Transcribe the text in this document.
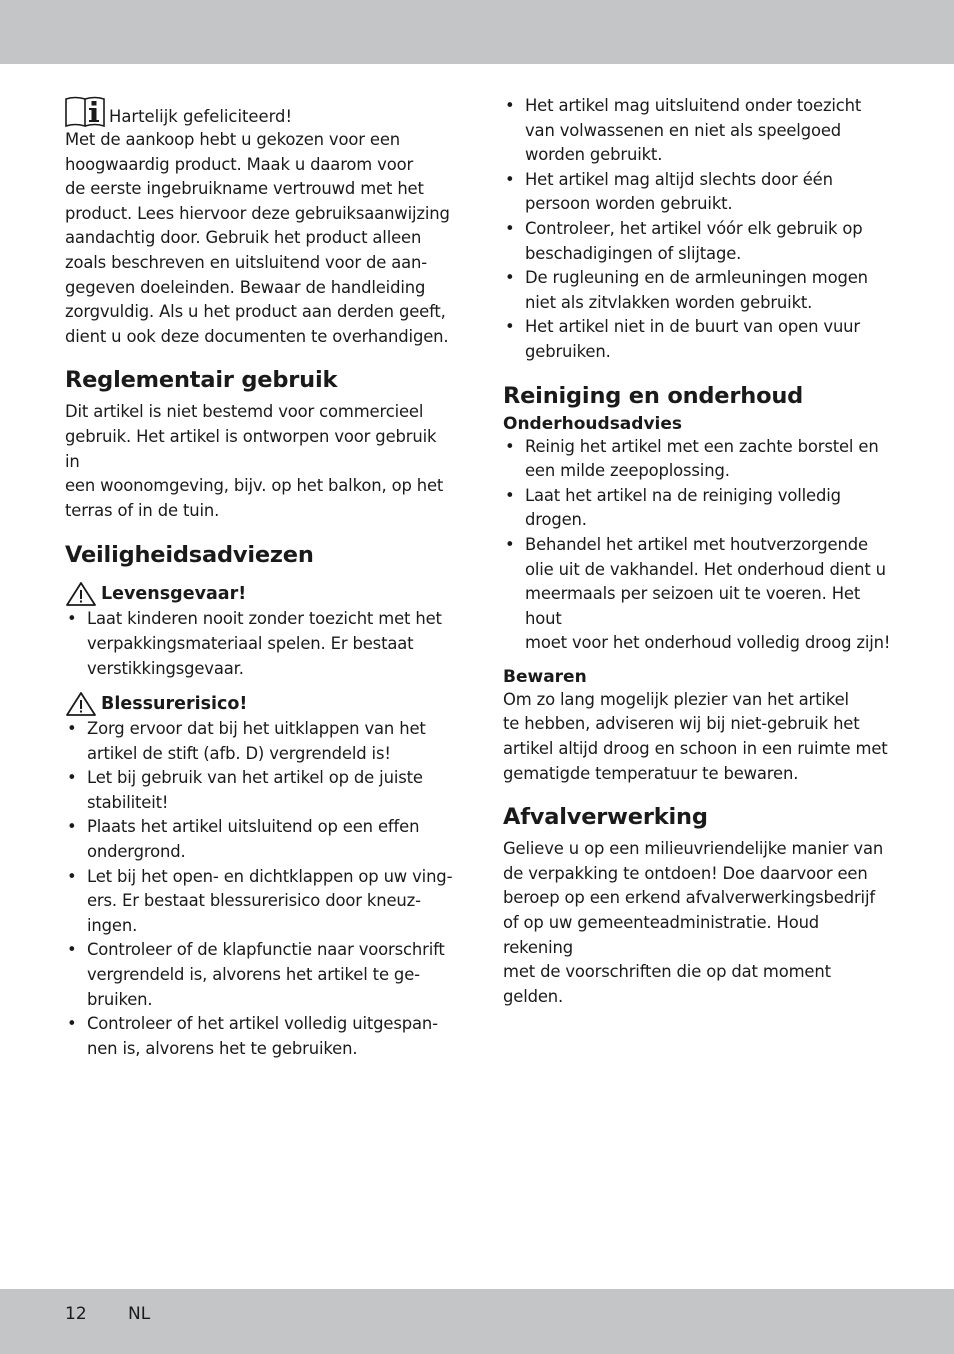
Hartelijk gefeliciteerd!

Met de aankoop hebt u gekozen voor een
hoogwaardig product. Maak u daarom voor
de eerste ingebruikname vertrouwd met het
product. Lees hiervoor deze gebruiksaanwijzing
aandachtig door. Gebruik het product alleen
zoals beschreven en uitsluitend voor de aan-
gegeven doeleinden. Bewaar de handleiding
zorgvuldig. Als u het product aan derden geeft,
dient u ook deze documenten te overhandigen.

Reglementair gebruik

Dit artikel is niet bestemd voor commercieel
gebruik. Het artikel is ontworpen voor gebruik in
een woonomgeving, bijv. op het balkon, op het
terras of in de tuin.

Veiligheidsadviezen
Levensgevaar!
• Laat kinderen nooit zonder toezicht met het
verpakkingsmateriaal spelen. Er bestaat
verstikkingsgevaar.
Blessurerisico!
• Zorg ervoor dat bij het uitklappen van het
artikel de stift (afb. D) vergrendeld is!
• Let bij gebruik van het artikel op de juiste
stabiliteit!
• Plaats het artikel uitsluitend op een effen
ondergrond.
• Let bij het open- en dichtklappen op uw ving-
ers. Er bestaat blessurerisico door kneuz-
ingen.
• Controleer of de klapfunctie naar voorschrift
vergrendeld is, alvorens het artikel te ge-
bruiken.
• Controleer of het artikel volledig uitgespan-
nen is, alvorens het te gebruiken.
• Het artikel mag uitsluitend onder toezicht
van volwassenen en niet als speelgoed
worden gebruikt.
• Het artikel mag altijd slechts door één
persoon worden gebruikt.
• Controleer, het artikel vóór elk gebruik op
beschadigingen of slijtage.
• De rugleuning en de armleuningen mogen
niet als zitvlakken worden gebruikt.
• Het artikel niet in de buurt van open vuur
gebruiken.
Reiniging en onderhoud
Onderhoudsadvies
• Reinig het artikel met een zachte borstel en
een milde zeepoplossing.
• Laat het artikel na de reiniging volledig
drogen.
• Behandel het artikel met houtverzorgende
olie uit de vakhandel. Het onderhoud dient u
meermaals per seizoen uit te voeren. Het hout
moet voor het onderhoud volledig droog zijn!
Bewaren

Om zo lang mogelijk plezier van het artikel
te hebben, adviseren wij bij niet-gebruik het
artikel altijd droog en schoon in een ruimte met
gematigde temperatuur te bewaren.

Afvalverwerking

Gelieve u op een milieuvriendelijke manier van
de verpakking te ontdoen! Doe daarvoor een
beroep op een erkend afvalverwerkingsbedrijf
of op uw gemeenteadministratie. Houd rekening
met de voorschriften die op dat moment gelden.

12 NL
